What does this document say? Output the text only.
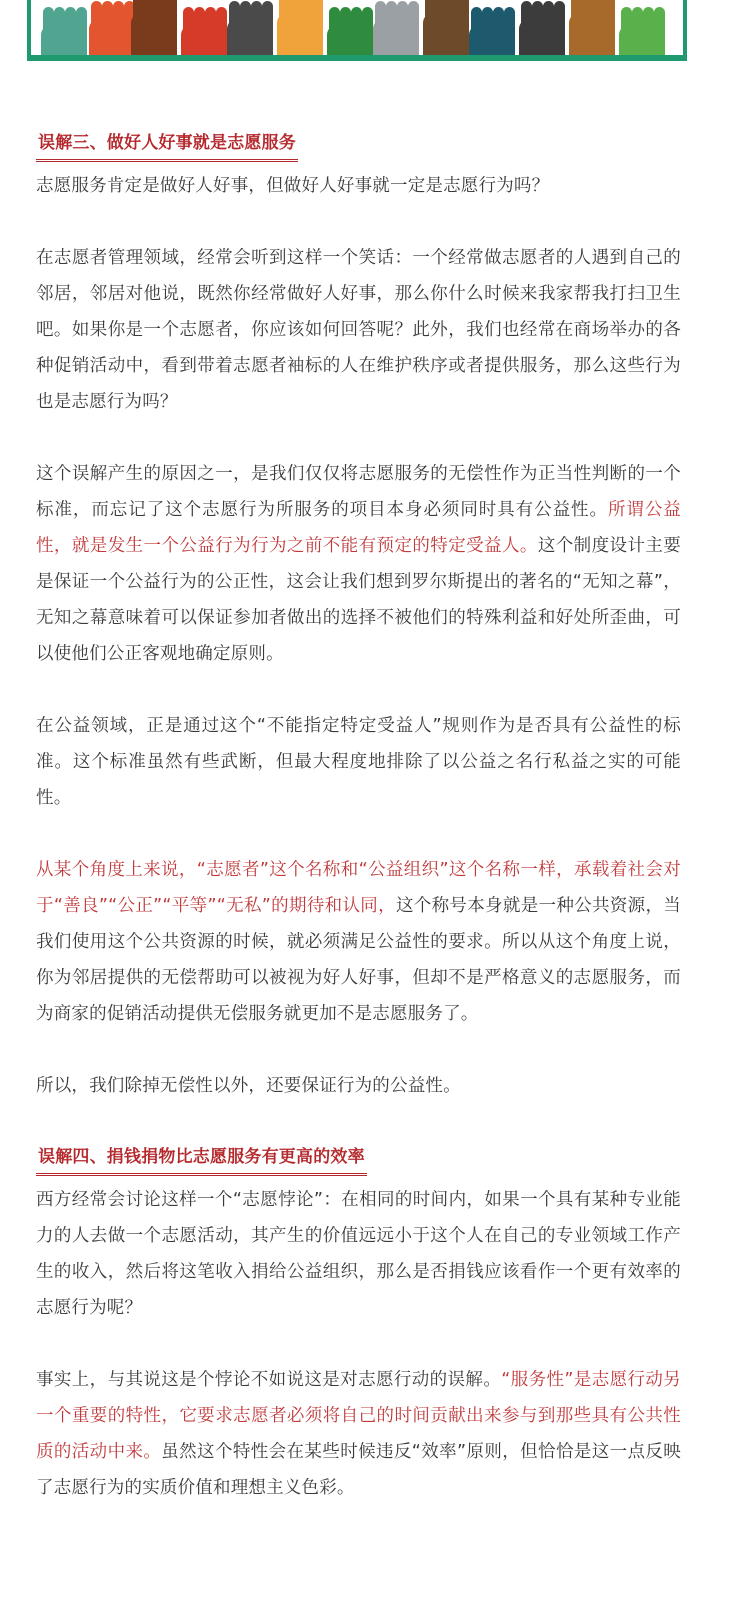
误解三、做好人好事就是志愿服务

志愿服务肯定是做好人好事，但做好人好事就一定是志愿行为吗？

在志愿者管理领域，经常会听到这样一个笑话：一个经常做志愿者的人遇到自己的邻居，邻居对他说，既然你经常做好人好事，那么你什么时候来我家帮我打扫卫生吧。如果你是一个志愿者，你应该如何回答呢？此外，我们也经常在商场举办的各种促销活动中，看到带着志愿者袖标的人在维护秩序或者提供服务，那么这些行为也是志愿行为吗？

这个误解产生的原因之一，是我们仅仅将志愿服务的无偿性作为正当性判断的一个标准，而忘记了这个志愿行为所服务的项目本身必须同时具有公益性。所谓公益性，就是发生一个公益行为行为之前不能有预定的特定受益人。这个制度设计主要是保证一个公益行为的公正性，这会让我们想到罗尔斯提出的著名的“无知之幕”， 无知之幕意味着可以保证参加者做出的选择不被他们的特殊利益和好处所歪曲，可以使他们公正客观地确定原则。

在公益领域，正是通过这个“不能指定特定受益人”规则作为是否具有公益性的标准。这个标准虽然有些武断，但最大程度地排除了以公益之名行私益之实的可能性。

从某个角度上来说，“志愿者”这个名称和“公益组织”这个名称一样，承载着社会对于“善良”“公正”“平等”“无私”的期待和认同，这个称号本身就是一种公共资源，当我们使用这个公共资源的时候，就必须满足公益性的要求。所以从这个角度上说，你为邻居提供的无偿帮助可以被视为好人好事，但却不是严格意义的志愿服务，而为商家的促销活动提供无偿服务就更加不是志愿服务了。

所以，我们除掉无偿性以外，还要保证行为的公益性。

误解四、捐钱捐物比志愿服务有更高的效率

西方经常会讨论这样一个“志愿悖论”：在相同的时间内，如果一个具有某种专业能力的人去做一个志愿活动，其产生的价值远远小于这个人在自己的专业领域工作产生的收入，然后将这笔收入捐给公益组织，那么是否捐钱应该看作一个更有效率的志愿行为呢？

事实上，与其说这是个悖论不如说这是对志愿行动的误解。“服务性”是志愿行动另一个重要的特性，它要求志愿者必须将自己的时间贡献出来参与到那些具有公共性质的活动中来。虽然这个特性会在某些时候违反“效率”原则，但恰恰是这一点反映了志愿行为的实质价值和理想主义色彩。
